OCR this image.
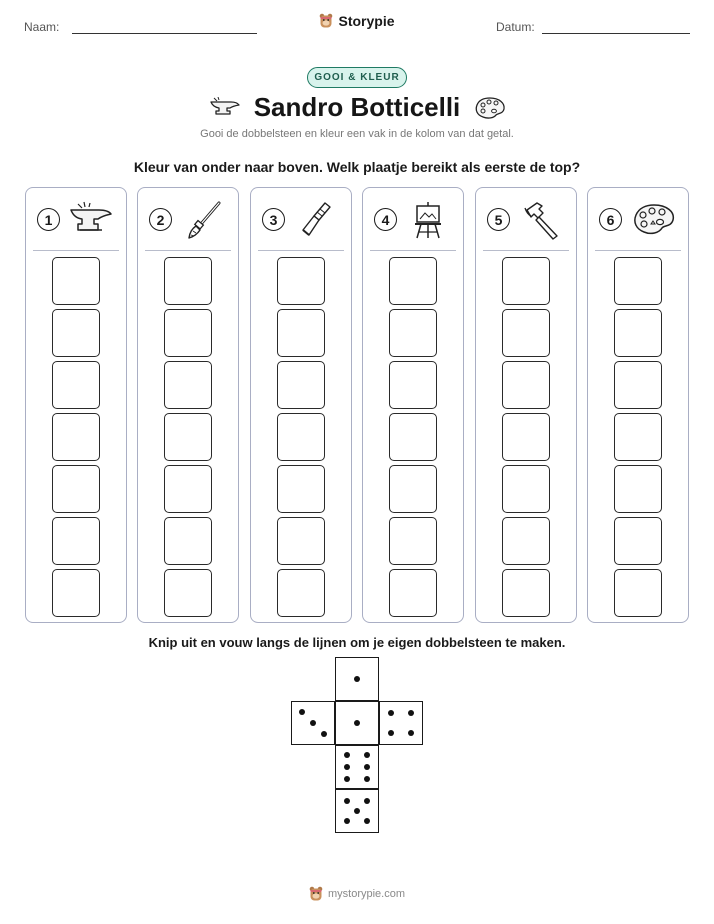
Naam:	Storypie	Datum:
GOOI & KLEUR
Sandro Botticelli
Gooi de dobbelsteen en kleur een vak in de kolom van dat getal.
Kleur van onder naar boven. Welk plaatje bereikt als eerste de top?
1	2	3	4	5	6
Knip uit en vouw langs de lijnen om je eigen dobbelsteen te maken.
mystorypie.com
